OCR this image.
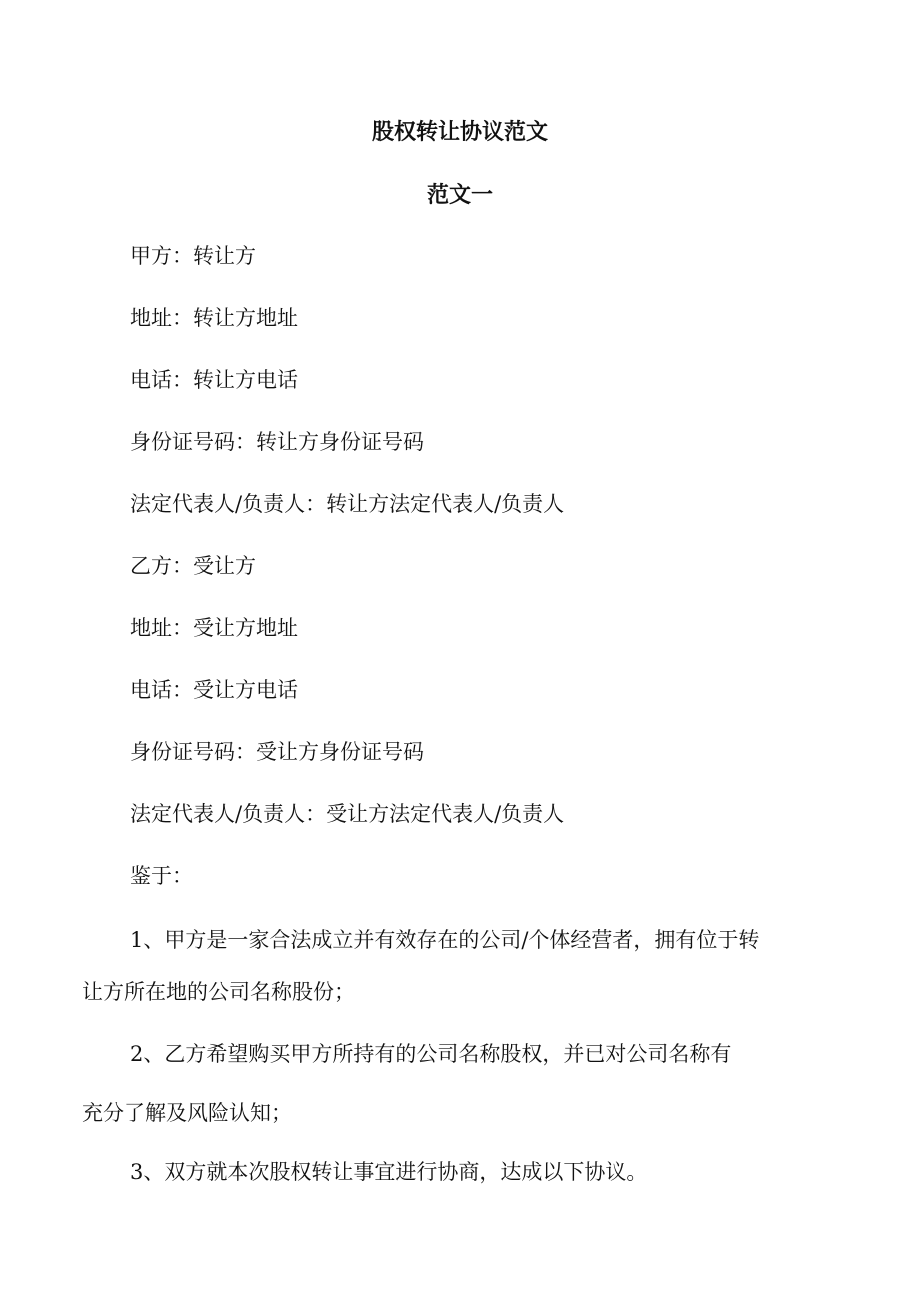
股权转让协议范文
范文一

甲方：转让方

地址：转让方地址

电话：转让方电话

身份证号码：转让方身份证号码

法定代表人/负责人：转让方法定代表人/负责人

乙方：受让方

地址：受让方地址

电话：受让方电话

身份证号码：受让方身份证号码

法定代表人/负责人：受让方法定代表人/负责人

鉴于：

1、甲方是一家合法成立并有效存在的公司/个体经营者，拥有位于转

让方所在地的公司名称股份；

2、乙方希望购买甲方所持有的公司名称股权，并已对公司名称有

充分了解及风险认知；

3、双方就本次股权转让事宜进行协商，达成以下协议。
